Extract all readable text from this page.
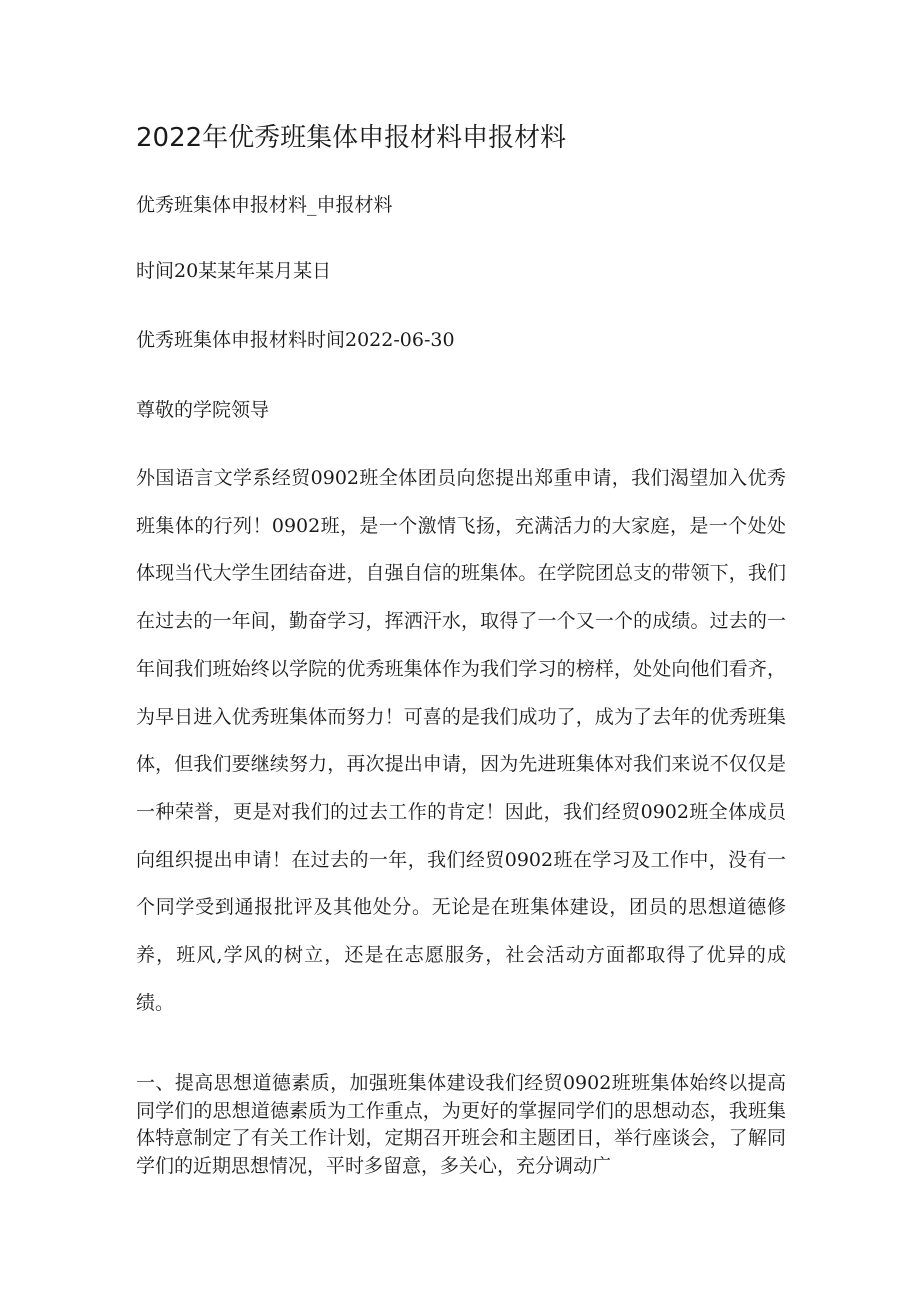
2022年优秀班集体申报材料申报材料

优秀班集体申报材料_申报材料

时间20某某年某月某日

优秀班集体申报材料时间2022-06-30

尊敬的学院领导

外国语言文学系经贸0902班全体团员向您提出郑重申请，我们渴望加入优秀班集体的行列！0902班，是一个激情飞扬，充满活力的大家庭，是一个处处体现当代大学生团结奋进，自强自信的班集体。在学院团总支的带领下，我们在过去的一年间，勤奋学习，挥洒汗水，取得了一个又一个的成绩。过去的一年间我们班始终以学院的优秀班集体作为我们学习的榜样，处处向他们看齐，为早日进入优秀班集体而努力！可喜的是我们成功了，成为了去年的优秀班集体，但我们要继续努力，再次提出申请，因为先进班集体对我们来说不仅仅是一种荣誉，更是对我们的过去工作的肯定！因此，我们经贸0902班全体成员向组织提出申请！在过去的一年，我们经贸0902班在学习及工作中，没有一个同学受到通报批评及其他处分。无论是在班集体建设，团员的思想道德修养，班风,学风的树立，还是在志愿服务，社会活动方面都取得了优异的成绩。

一、提高思想道德素质，加强班集体建设我们经贸0902班班集体始终以提高同学们的思想道德素质为工作重点，为更好的掌握同学们的思想动态，我班集体特意制定了有关工作计划，定期召开班会和主题团日，举行座谈会，了解同学们的近期思想情况，平时多留意，多关心，充分调动广
